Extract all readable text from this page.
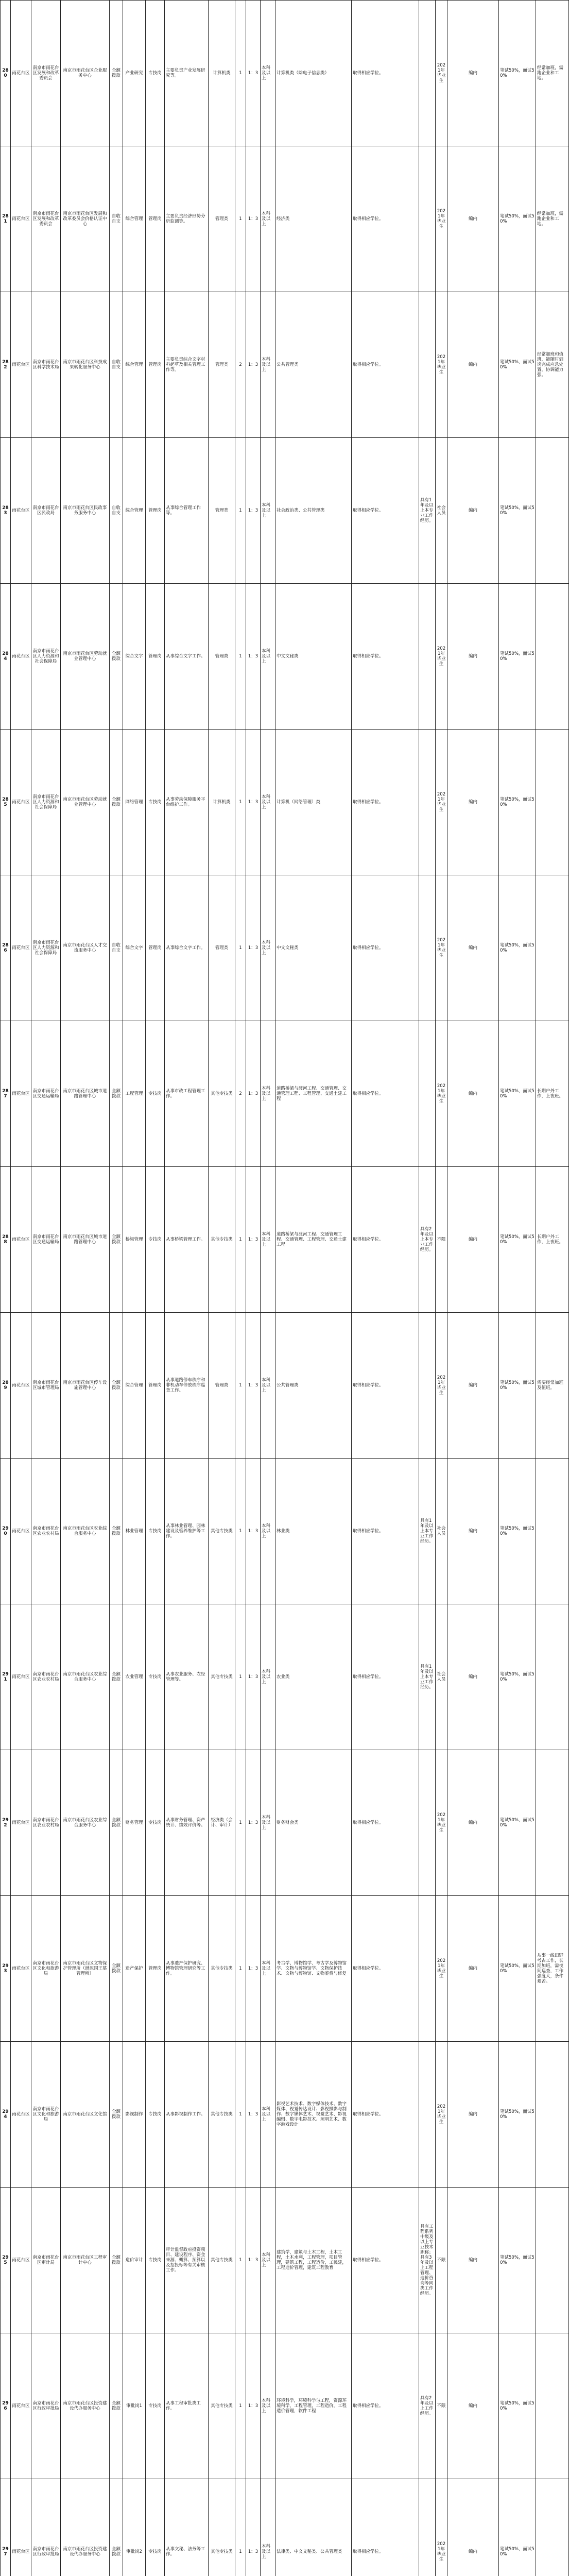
280	雨花台区	南京市雨花台区发展和改革委员会	南京市雨花台区企业服务中心	全额拨款	产业研究	专技岗	主要负责产业发展研究等。	计算机类	1	1：3	本科及以上	计算机类（除电子信息类）	取得相应学位。		2021年毕业生	编内	笔试50%，面试50%	经常加班，需跑企业和工地。	
281	雨花台区	南京市雨花台区发展和改革委员会	南京市雨花台区发展和改革委员会价格认证中心	自收自支	综合管理	管理岗	主要负责经济形势分析监测等。	管理类	1	1：3	本科及以上	经济类	取得相应学位。		2021年毕业生	编内	笔试50%，面试50%	经常加班，需跑企业和工地。	
282	雨花台区	南京市雨花台区科学技术局	南京市雨花台区科技成果转化服务中心	自收自支	综合管理	管理岗	主要负责综合文字材料起草及相关管理工作等。	管理类	2	1：3	本科及以上	公共管理类	取得相应学位。		2021年毕业生	编内	笔试50%，面试50%	经常加班和值班，能随时到岗完成应急处置，协调能力强。	
283	雨花台区	南京市雨花台区民政局	南京市雨花台区民政事务服务中心	自收自支	综合管理	管理岗	从事综合管理工作等。	管理类	1	1：3	本科及以上	社会政治类、公共管理类	取得相应学位。	具有1年及以上本专业工作经历。	社会人员	编内	笔试50%，面试50%		
284	雨花台区	南京市雨花台区人力资源和社会保障局	南京市雨花台区劳动就业管理中心	全额拨款	综合文字	管理岗	从事综合文字工作。	管理类	1	1：3	本科及以上	中文文秘类	取得相应学位。		2021年毕业生	编内	笔试50%，面试50%		
285	雨花台区	南京市雨花台区人力资源和社会保障局	南京市雨花台区劳动就业管理中心	全额拨款	网络管理	专技岗	从事劳动保障服务平台维护工作。	计算机类	1	1：3	本科及以上	计算机（网络管理）类	取得相应学位。		2021年毕业生	编内	笔试50%，面试50%		
286	雨花台区	南京市雨花台区人力资源和社会保障局	南京市雨花台区人才交流服务中心	自收自支	综合文字	管理岗	从事综合文字工作。	管理类	1	1：3	本科及以上	中文文秘类	取得相应学位。		2021年毕业生	编内	笔试50%，面试50%		
287	雨花台区	南京市雨花台区交通运输局	南京市雨花台区城市道路管理中心	全额拨款	工程管理	专技岗	从事市政工程管理工作。	其他专技类	2	1：3	本科及以上	道路桥梁与渡河工程、交通管理、交通管理工程、工程管理、交通土建工程	取得相应学位。		2021年毕业生	编内	笔试50%，面试50%	长期户外工作，上夜班。	
288	雨花台区	南京市雨花台区交通运输局	南京市雨花台区城市道路管理中心	全额拨款	桥梁管理	专技岗	从事桥梁管理工作。	其他专技类	1	1：3	本科及以上	道路桥梁与渡河工程、交通管理工程、交通管理、工程管理、交通土建工程	取得相应学位。	具有2年及以上本专业工作经历。	不限	编内	笔试50%，面试50%	长期户外工作，上夜班。	
289	雨花台区	南京市雨花台区城市管理局	南京市雨花台区停车设施管理中心	全额拨款	综合管理	管理岗	从事道路停车秩序和非机动车停放秩序巡查工作。	管理类	1	1：3	本科及以上	公共管理类	取得相应学位。		2021年毕业生	编内	笔试50%，面试50%	需要经常加班及值班。	
290	雨花台区	南京市雨花台区农业农村局	南京市雨花台区农业综合服务中心	全额拨款	林业管理	专技岗	从事林业管理、园林建设及管养维护等工作。	其他专技类	1	1：3	本科及以上	林业类	取得相应学位。	具有1年及以上本专业工作经历。	社会人员	编内	笔试50%，面试50%		
291	雨花台区	南京市雨花台区农业农村局	南京市雨花台区农业综合服务中心	全额拨款	农业管理	专技岗	从事农业服务、农经管理等。	其他专技类	1	1：3	本科及以上	农业类	取得相应学位。	具有1年及以上本专业工作经历。	社会人员	编内	笔试50%，面试50%		
292	雨花台区	南京市雨花台区农业农村局	南京市雨花台区农业综合服务中心	全额拨款	财务管理	专技岗	从事财务管理、资产统计、绩效评价等。	经济类（会计、审计）	1	1：3	本科及以上	财务财会类	取得相应学位。		2021年毕业生	编内	笔试50%，面试50%		
293	雨花台区	南京市雨花台区文化和旅游局	南京市雨花台区文物保护管理所（渤泥国王墓管理所）	全额拨款	遗产保护	管理岗	从事遗产保护研究、博物馆管理研究等工作。	其他专技类	1	1：3	本科及以上	考古学、博物馆学、考古学及博物馆学、文物与博物馆学、文物保护技术、文物与博物馆、文物鉴赏与修复	取得相应学位。		2021年毕业生	编内	笔试50%，面试50%	从事一线田野考古工作，长期加班，需夜间巡查，工作强度大，条件艰苦。	
294	雨花台区	南京市雨花台区文化和旅游局	南京市雨花台区文化馆	全额拨款	影视制作	专技岗	从事影视制作工作。	其他专技类	1	1：3	本科及以上	影视艺术技术、数字媒体技术、数字媒体、视觉传达设计、影视摄影与制作、数字媒体艺术、视觉艺术、影视编辑、数字电影技术、照明艺术、数字游戏设计	取得相应学位。		2021年毕业生	编内	笔试50%，面试50%		
295	雨花台区	南京市雨花台区审计局	南京市雨花台区工程审计中心	全额拨款	造价审计	专技岗	审计监督政府投资项目、建设程序、资金来源、概算、预算以及招投标等有关审核工作。	其他专技类	1	1：3	本科及以上	建筑学，建筑与土木工程，土木工程，土木水利，工程管理，项目管理，建筑工程，工程造价，工民建，工程造价管理，建筑工程教育	取得相应学位。	具有工程系列中级及以上专业技术职称；具有3年及以上工程管理、造价咨询等同类工作经历。	不限	编内	笔试50%，面试50%		
296	雨花台区	南京市雨花台区行政审批局	南京市雨花台区投资建设代办服务中心	全额拨款	审批岗1	专技岗	从事工程审批类工作。	其他专技类	1	1：3	本科及以上	环境科学，环境科学与工程，资源环境科学，工程管理，工程造价，工程造价管理，软件工程	取得相应学位。	具有2年及以上工作经历。	不限	编内	笔试50%，面试50%		
297	雨花台区	南京市雨花台区行政审批局	南京市雨花台区投资建设代办服务中心	全额拨款	审批岗2	专技岗	从事文秘、法务等工作。	其他专技类	1	1：3	本科及以上	法律类、中文文秘类、公共管理类	取得相应学位。		2021年毕业生	编内	笔试50%，面试50%		
